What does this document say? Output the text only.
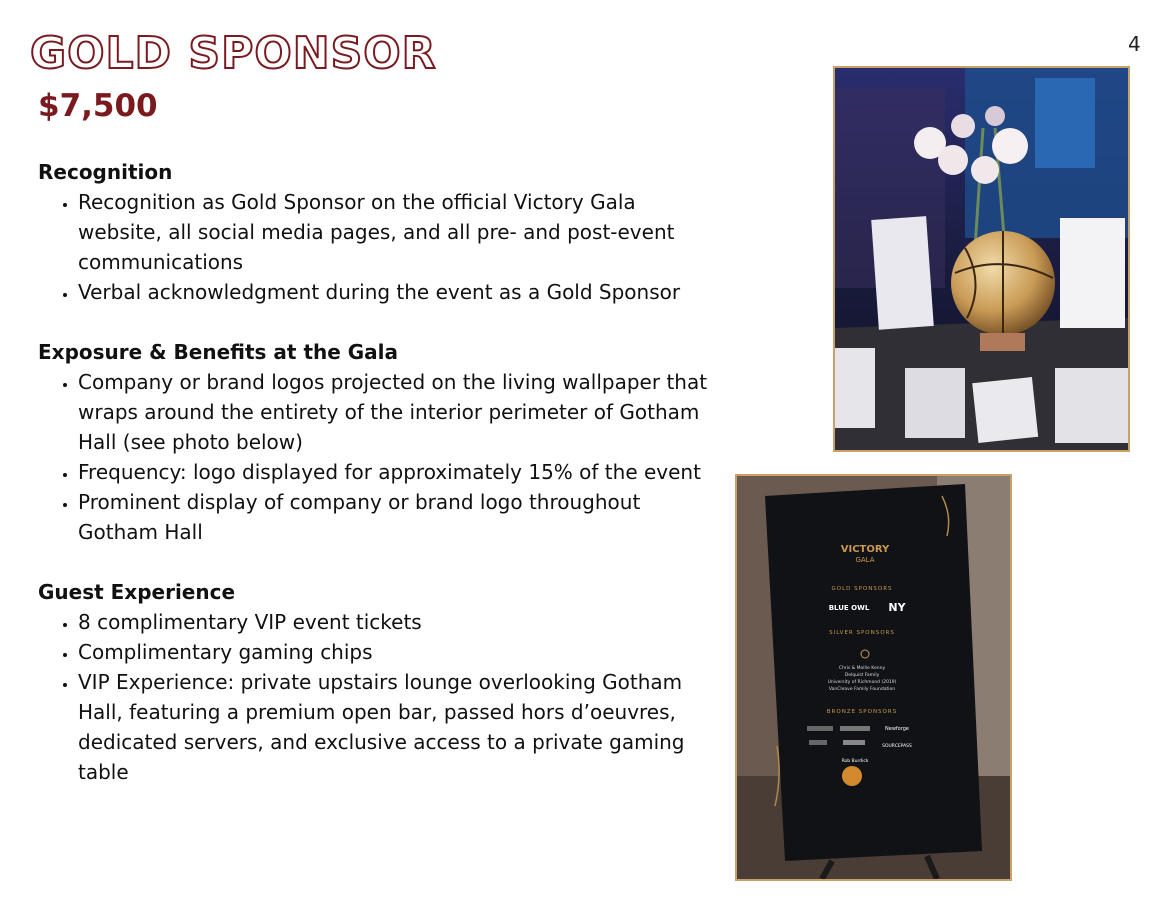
4
GOLD SPONSOR
$7,500

Recognition

• Recognition as Gold Sponsor on the official Victory Gala website, all social media pages, and all pre- and post-event communications
• Verbal acknowledgment during the event as a Gold Sponsor

Exposure & Benefits at the Gala

• Company or brand logos projected on the living wallpaper that wraps around the entirety of the interior perimeter of Gotham Hall (see photo below)
• Frequency: logo displayed for approximately 15% of the event
• Prominent display of company or brand logo throughout Gotham Hall

Guest Experience

• 8 complimentary VIP event tickets
• Complimentary gaming chips
• VIP Experience: private upstairs lounge overlooking Gotham Hall, featuring a premium open bar, passed hors d’oeuvres, dedicated servers, and exclusive access to a private gaming table
VICTORY
GALA
GOLD SPONSORS
BLUE OWL NY
SILVER SPONSORS
Chris & Mollie Kenny
Delquist Family
University of Richmond (2019)
VanCleave Family Foundation
BRONZE SPONSORS
Newforge
SOURCEPASS
Rob Burdick
